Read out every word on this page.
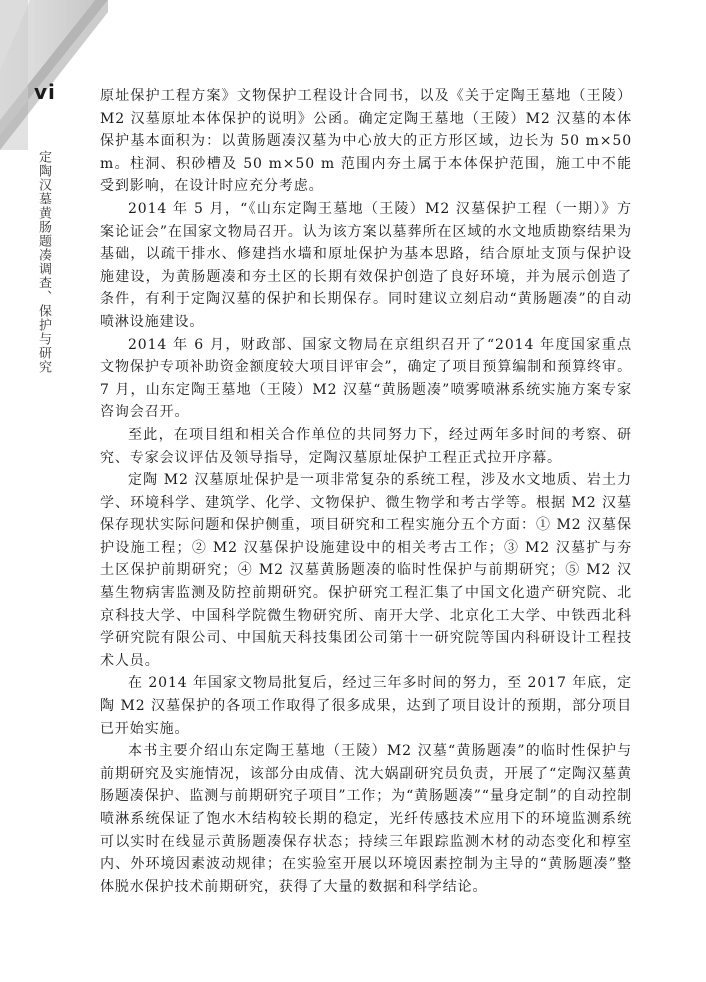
vi
定陶汉墓黄肠题凑调查、保护与研究

原址保护工程方案》文物保护工程设计合同书，以及《关于定陶王墓地（王陵）M2 汉墓原址本体保护的说明》公函。确定定陶王墓地（王陵）M2 汉墓的本体保护基本面积为：以黄肠题凑汉墓为中心放大的正方形区域，边长为 50 m×50 m。柱洞、积砂槽及 50 m×50 m 范围内夯土属于本体保护范围，施工中不能受到影响，在设计时应充分考虑。

2014 年 5 月，“《山东定陶王墓地（王陵）M2 汉墓保护工程（一期）》方案论证会”在国家文物局召开。认为该方案以墓葬所在区域的水文地质勘察结果为基础，以疏干排水、修建挡水墙和原址保护为基本思路，结合原址支顶与保护设施建设，为黄肠题凑和夯土区的长期有效保护创造了良好环境，并为展示创造了条件，有利于定陶汉墓的保护和长期保存。同时建议立刻启动“黄肠题凑”的自动喷淋设施建设。

2014 年 6 月，财政部、国家文物局在京组织召开了“2014 年度国家重点文物保护专项补助资金额度较大项目评审会”，确定了项目预算编制和预算终审。7 月，山东定陶王墓地（王陵）M2 汉墓“黄肠题凑”喷雾喷淋系统实施方案专家咨询会召开。

至此，在项目组和相关合作单位的共同努力下，经过两年多时间的考察、研究、专家会议评估及领导指导，定陶汉墓原址保护工程正式拉开序幕。

定陶 M2 汉墓原址保护是一项非常复杂的系统工程，涉及水文地质、岩土力学、环境科学、建筑学、化学、文物保护、微生物学和考古学等。根据 M2 汉墓保存现状实际问题和保护侧重，项目研究和工程实施分五个方面：① M2 汉墓保护设施工程；② M2 汉墓保护设施建设中的相关考古工作；③ M2 汉墓扩与夯土区保护前期研究；④ M2 汉墓黄肠题凑的临时性保护与前期研究；⑤ M2 汉墓生物病害监测及防控前期研究。保护研究工程汇集了中国文化遗产研究院、北京科技大学、中国科学院微生物研究所、南开大学、北京化工大学、中铁西北科学研究院有限公司、中国航天科技集团公司第十一研究院等国内科研设计工程技术人员。

在 2014 年国家文物局批复后，经过三年多时间的努力，至 2017 年底，定陶 M2 汉墓保护的各项工作取得了很多成果，达到了项目设计的预期，部分项目已开始实施。

本书主要介绍山东定陶王墓地（王陵）M2 汉墓“黄肠题凑”的临时性保护与前期研究及实施情况，该部分由成倩、沈大娲副研究员负责，开展了“定陶汉墓黄肠题凑保护、监测与前期研究子项目”工作；为“黄肠题凑”“量身定制”的自动控制喷淋系统保证了饱水木结构较长期的稳定，光纤传感技术应用下的环境监测系统可以实时在线显示黄肠题凑保存状态；持续三年跟踪监测木材的动态变化和椁室内、外环境因素波动规律；在实验室开展以环境因素控制为主导的“黄肠题凑”整体脱水保护技术前期研究，获得了大量的数据和科学结论。
